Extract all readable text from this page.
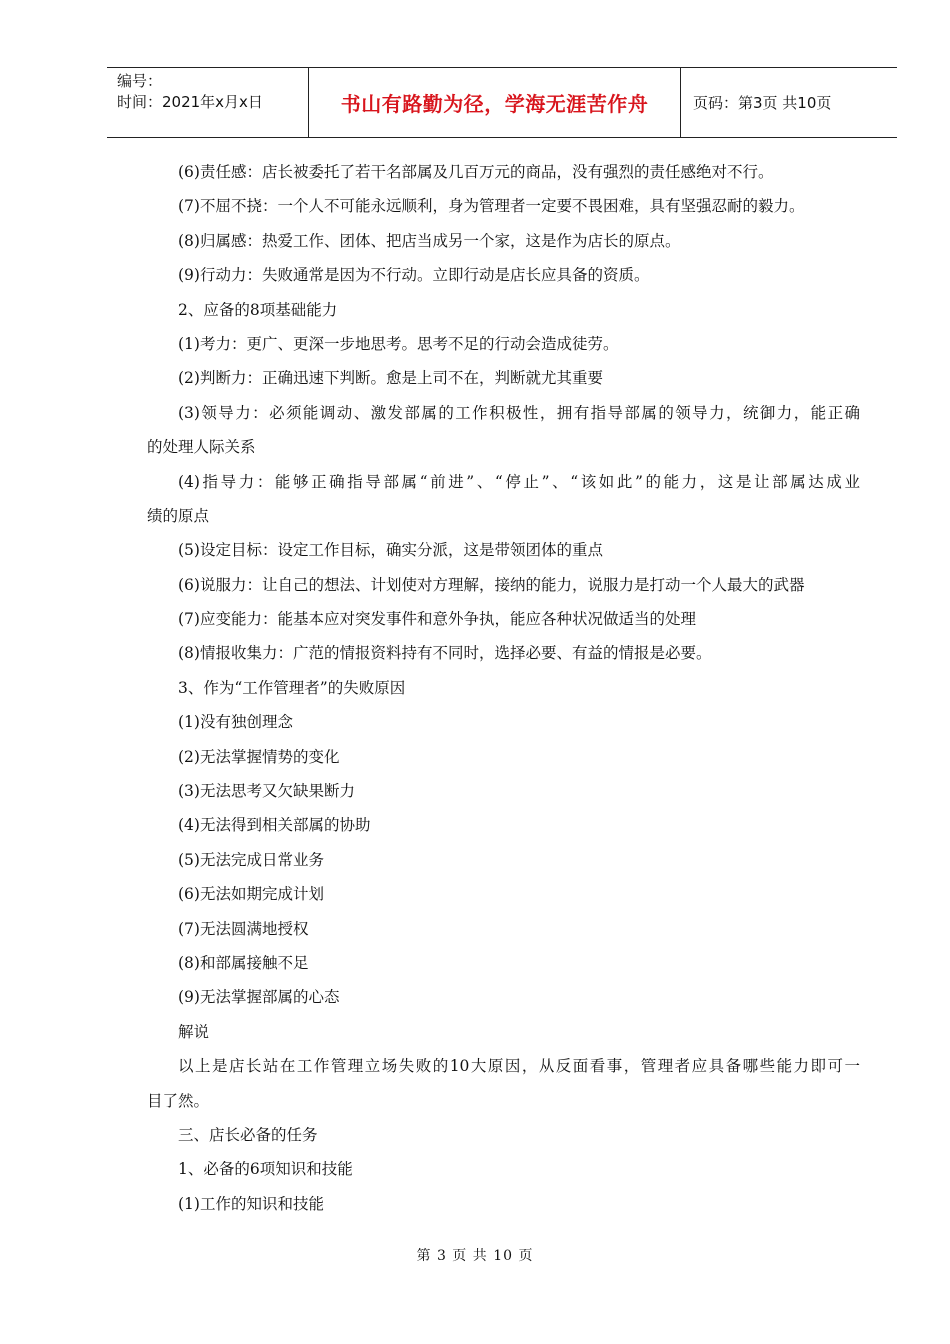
编号：
时间：2021年x月x日	书山有路勤为径，学海无涯苦作舟	页码：第3页 共10页
(6)责任感：店长被委托了若干名部属及几百万元的商品，没有强烈的责任感绝对不行。
(7)不屈不挠：一个人不可能永远顺利，身为管理者一定要不畏困难，具有坚强忍耐的毅力。
(8)归属感：热爱工作、团体、把店当成另一个家，这是作为店长的原点。
(9)行动力：失败通常是因为不行动。立即行动是店长应具备的资质。
2、应备的8项基础能力
(1)考力：更广、更深一步地思考。思考不足的行动会造成徒劳。
(2)判断力：正确迅速下判断。愈是上司不在，判断就尤其重要
(3)领导力：必须能调动、激发部属的工作积极性，拥有指导部属的领导力，统御力，能正确
的处理人际关系
(4)指导力：能够正确指导部属“前进”、“停止”、“该如此”的能力，这是让部属达成业
绩的原点
(5)设定目标：设定工作目标，确实分派，这是带领团体的重点
(6)说服力：让自己的想法、计划使对方理解，接纳的能力，说服力是打动一个人最大的武器
(7)应变能力：能基本应对突发事件和意外争执，能应各种状况做适当的处理
(8)情报收集力：广范的情报资料持有不同时，选择必要、有益的情报是必要。
3、作为“工作管理者”的失败原因
(1)没有独创理念
(2)无法掌握情势的变化
(3)无法思考又欠缺果断力
(4)无法得到相关部属的协助
(5)无法完成日常业务
(6)无法如期完成计划
(7)无法圆满地授权
(8)和部属接触不足
(9)无法掌握部属的心态
解说
以上是店长站在工作管理立场失败的10大原因，从反面看事，管理者应具备哪些能力即可一
目了然。
三、店长必备的任务
1、必备的6项知识和技能
(1)工作的知识和技能
第 3 页 共 10 页
